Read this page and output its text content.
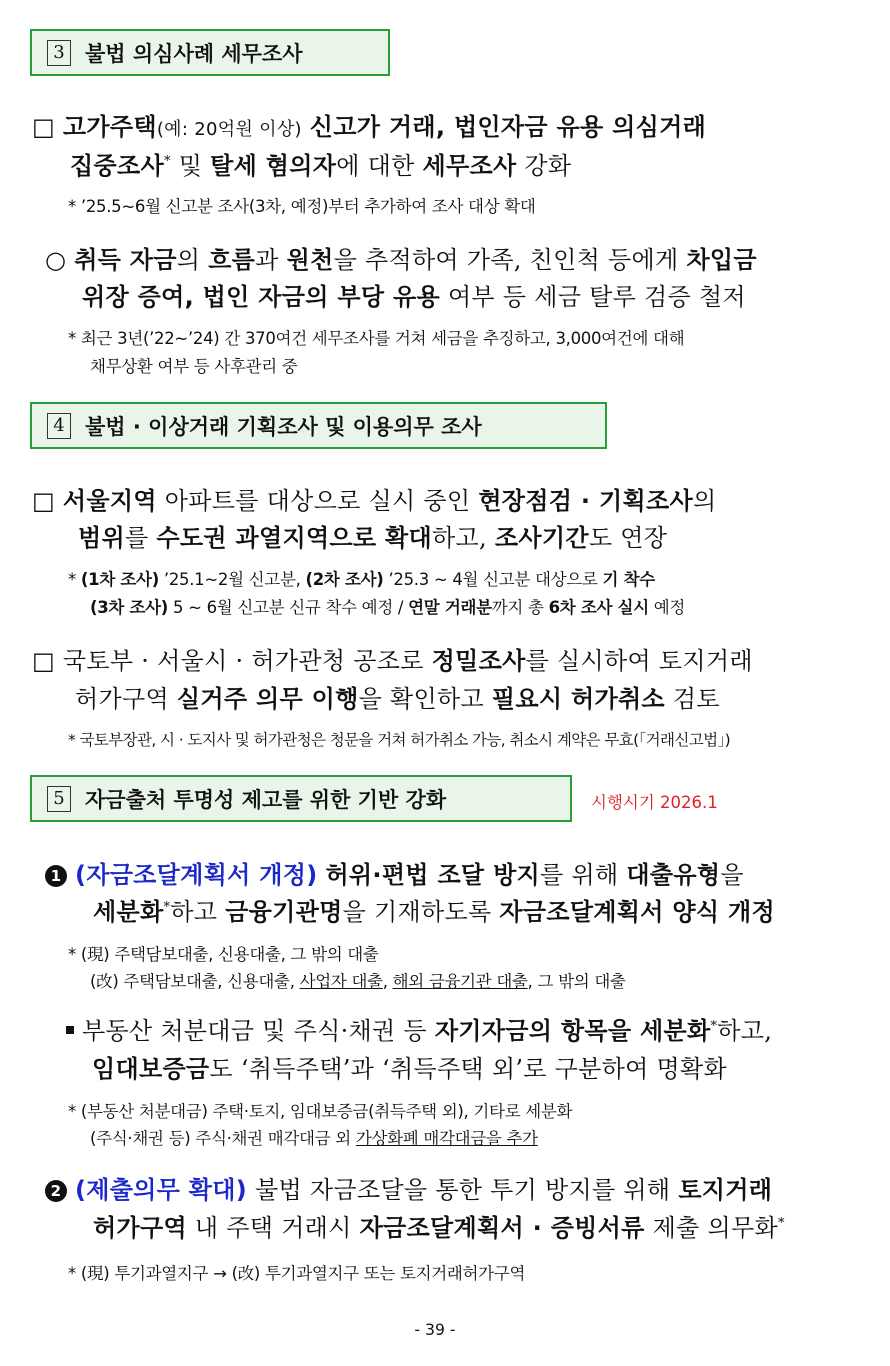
3 불법 의심사례 세무조사
□ 고가주택(예: 20억원 이상) 신고가 거래, 법인자금 유용 의심거래
집중조사* 및 탈세 혐의자에 대한 세무조사 강화
* ’25.5~6월 신고분 조사(3차, 예정)부터 추가하여 조사 대상 확대
○ 취득 자금의 흐름과 원천을 추적하여 가족, 친인척 등에게 차입금
위장 증여, 법인 자금의 부당 유용 여부 등 세금 탈루 검증 철저
* 최근 3년(’22~’24) 간 370여건 세무조사를 거쳐 세금을 추징하고, 3,000여건에 대해
채무상환 여부 등 사후관리 중
4 불법 · 이상거래 기획조사 및 이용의무 조사
□ 서울지역 아파트를 대상으로 실시 중인 현장점검 · 기획조사의
범위를 수도권 과열지역으로 확대하고, 조사기간도 연장
* (1차 조사) ’25.1~2월 신고분, (2차 조사) ’25.3 ~ 4월 신고분 대상으로 기 착수
(3차 조사) 5 ~ 6월 신고분 신규 착수 예정 / 연말 거래분까지 총 6차 조사 실시 예정
□ 국토부 · 서울시 · 허가관청 공조로 정밀조사를 실시하여 토지거래
허가구역 실거주 의무 이행을 확인하고 필요시 허가취소 검토
* 국토부장관, 시 · 도지사 및 허가관청은 청문을 거쳐 허가취소 가능, 취소시 계약은 무효(「거래신고법」)
5 자금출처 투명성 제고를 위한 기반 강화	시행시기 2026.1
1 (자금조달계획서 개정) 허위·편법 조달 방지를 위해 대출유형을
세분화*하고 금융기관명을 기재하도록 자금조달계획서 양식 개정
* (現) 주택담보대출, 신용대출, 그 밖의 대출
(改) 주택담보대출, 신용대출, 사업자 대출, 해외 금융기관 대출, 그 밖의 대출
부동산 처분대금 및 주식·채권 등 자기자금의 항목을 세분화*하고,
임대보증금도 ‘취득주택’과 ‘취득주택 외’로 구분하여 명확화
* (부동산 처분대금) 주택·토지, 임대보증금(취득주택 외), 기타로 세분화
(주식·채권 등) 주식·채권 매각대금 외 가상화폐 매각대금을 추가
2 (제출의무 확대) 불법 자금조달을 통한 투기 방지를 위해 토지거래
허가구역 내 주택 거래시 자금조달계획서 · 증빙서류 제출 의무화*
* (現) 투기과열지구 → (改) 투기과열지구 또는 토지거래허가구역
- 39 -
